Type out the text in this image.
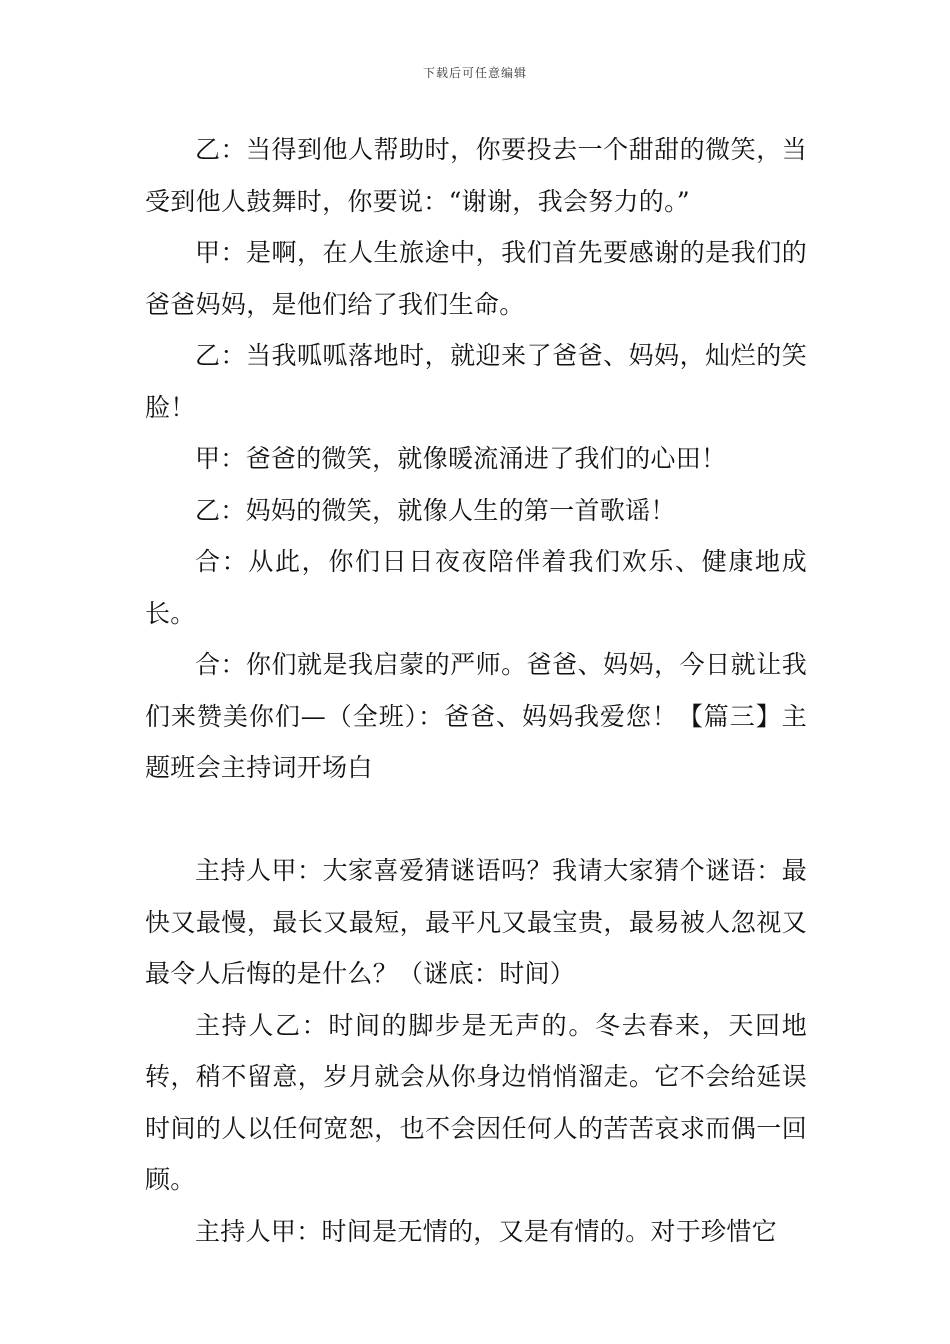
下载后可任意编辑

乙：当得到他人帮助时，你要投去一个甜甜的微笑，当受到他人鼓舞时，你要说：“谢谢，我会努力的。”

甲：是啊，在人生旅途中，我们首先要感谢的是我们的爸爸妈妈，是他们给了我们生命。

乙：当我呱呱落地时，就迎来了爸爸、妈妈，灿烂的笑脸！

甲：爸爸的微笑，就像暖流涌进了我们的心田！

乙：妈妈的微笑，就像人生的第一首歌谣！

合：从此，你们日日夜夜陪伴着我们欢乐、健康地成长。

合：你们就是我启蒙的严师。爸爸、妈妈，今日就让我们来赞美你们—（全班）：爸爸、妈妈我爱您！【篇三】主题班会主持词开场白

主持人甲：大家喜爱猜谜语吗？我请大家猜个谜语：最快又最慢，最长又最短，最平凡又最宝贵，最易被人忽视又最令人后悔的是什么？（谜底：时间）

主持人乙：时间的脚步是无声的。冬去春来，天回地转，稍不留意，岁月就会从你身边悄悄溜走。它不会给延误时间的人以任何宽恕，也不会因任何人的苦苦哀求而偶一回顾。

主持人甲：时间是无情的，又是有情的。对于珍惜它
